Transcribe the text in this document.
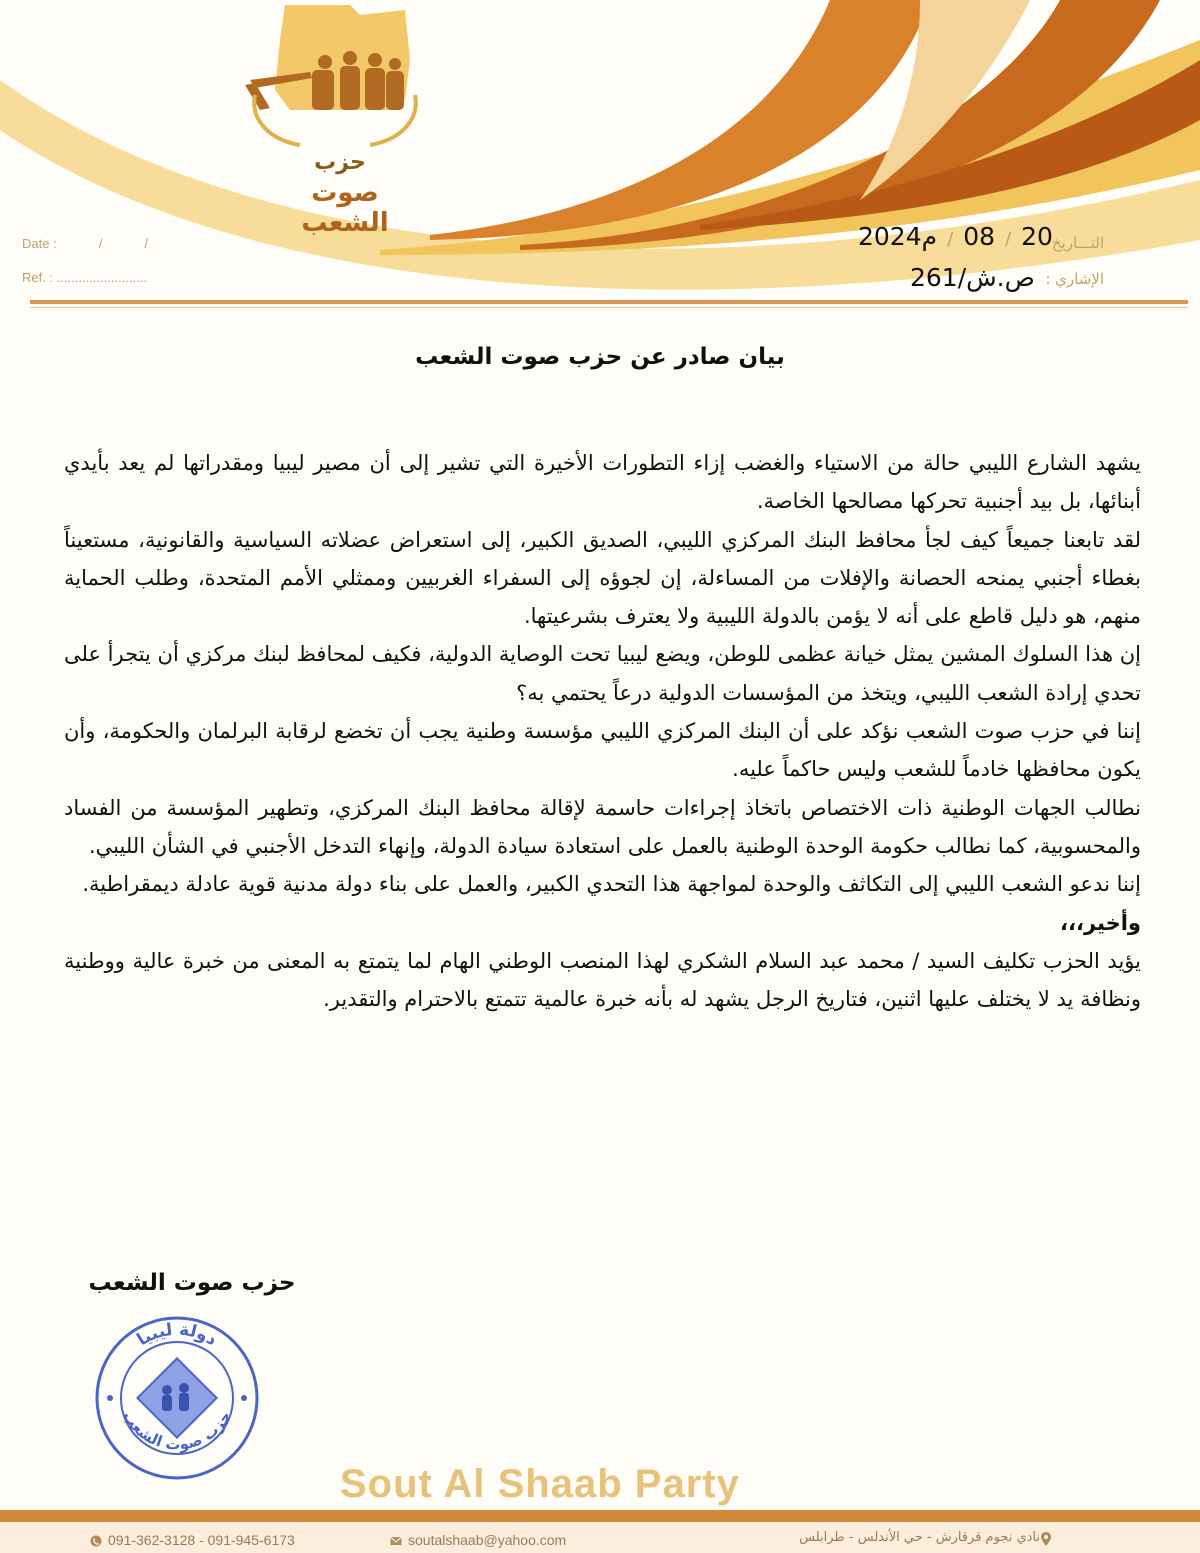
حزب
صوت الشعب
Date :	/	/
Ref. : .........................
التـــاريخ
الإشاري :
2024م / 08 / 20
ص.ش/261
بيان صادر عن حزب صوت الشعب

يشهد الشارع الليبي حالة من الاستياء والغضب إزاء التطورات الأخيرة التي تشير إلى أن مصير ليبيا ومقدراتها لم يعد بأيدي أبنائها، بل بيد أجنبية تحركها مصالحها الخاصة.

لقد تابعنا جميعاً كيف لجأ محافظ البنك المركزي الليبي، الصديق الكبير، إلى استعراض عضلاته السياسية والقانونية، مستعيناً بغطاء أجنبي يمنحه الحصانة والإفلات من المساءلة، إن لجوؤه إلى السفراء الغربيين وممثلي الأمم المتحدة، وطلب الحماية منهم، هو دليل قاطع على أنه لا يؤمن بالدولة الليبية ولا يعترف بشرعيتها.

إن هذا السلوك المشين يمثل خيانة عظمى للوطن، ويضع ليبيا تحت الوصاية الدولية، فكيف لمحافظ لبنك مركزي أن يتجرأ على تحدي إرادة الشعب الليبي، ويتخذ من المؤسسات الدولية درعاً يحتمي به؟

إننا في حزب صوت الشعب نؤكد على أن البنك المركزي الليبي مؤسسة وطنية يجب أن تخضع لرقابة البرلمان والحكومة، وأن يكون محافظها خادماً للشعب وليس حاكماً عليه.

نطالب الجهات الوطنية ذات الاختصاص باتخاذ إجراءات حاسمة لإقالة محافظ البنك المركزي، وتطهير المؤسسة من الفساد والمحسوبية، كما نطالب حكومة الوحدة الوطنية بالعمل على استعادة سيادة الدولة، وإنهاء التدخل الأجنبي في الشأن الليبي.

إننا ندعو الشعب الليبي إلى التكاثف والوحدة لمواجهة هذا التحدي الكبير، والعمل على بناء دولة مدنية قوية عادلة ديمقراطية.

وأخير،،،

يؤيد الحزب تكليف السيد / محمد عبد السلام الشكري لهذا المنصب الوطني الهام لما يتمتع به المعنى من خبرة عالية ووطنية ونظافة يد لا يختلف عليها اثنين، فتاريخ الرجل يشهد له بأنه خبرة عالمية تتمتع بالاحترام والتقدير.

حزب صوت الشعب
دولة ليبيا
حزب صوت الشعب
Sout Al Shaab Party
091-362-3128 - 091-945-6173	soutalshaab@yahoo.com	نادي نجوم قرقارش - حي الأندلس - طرابلس
